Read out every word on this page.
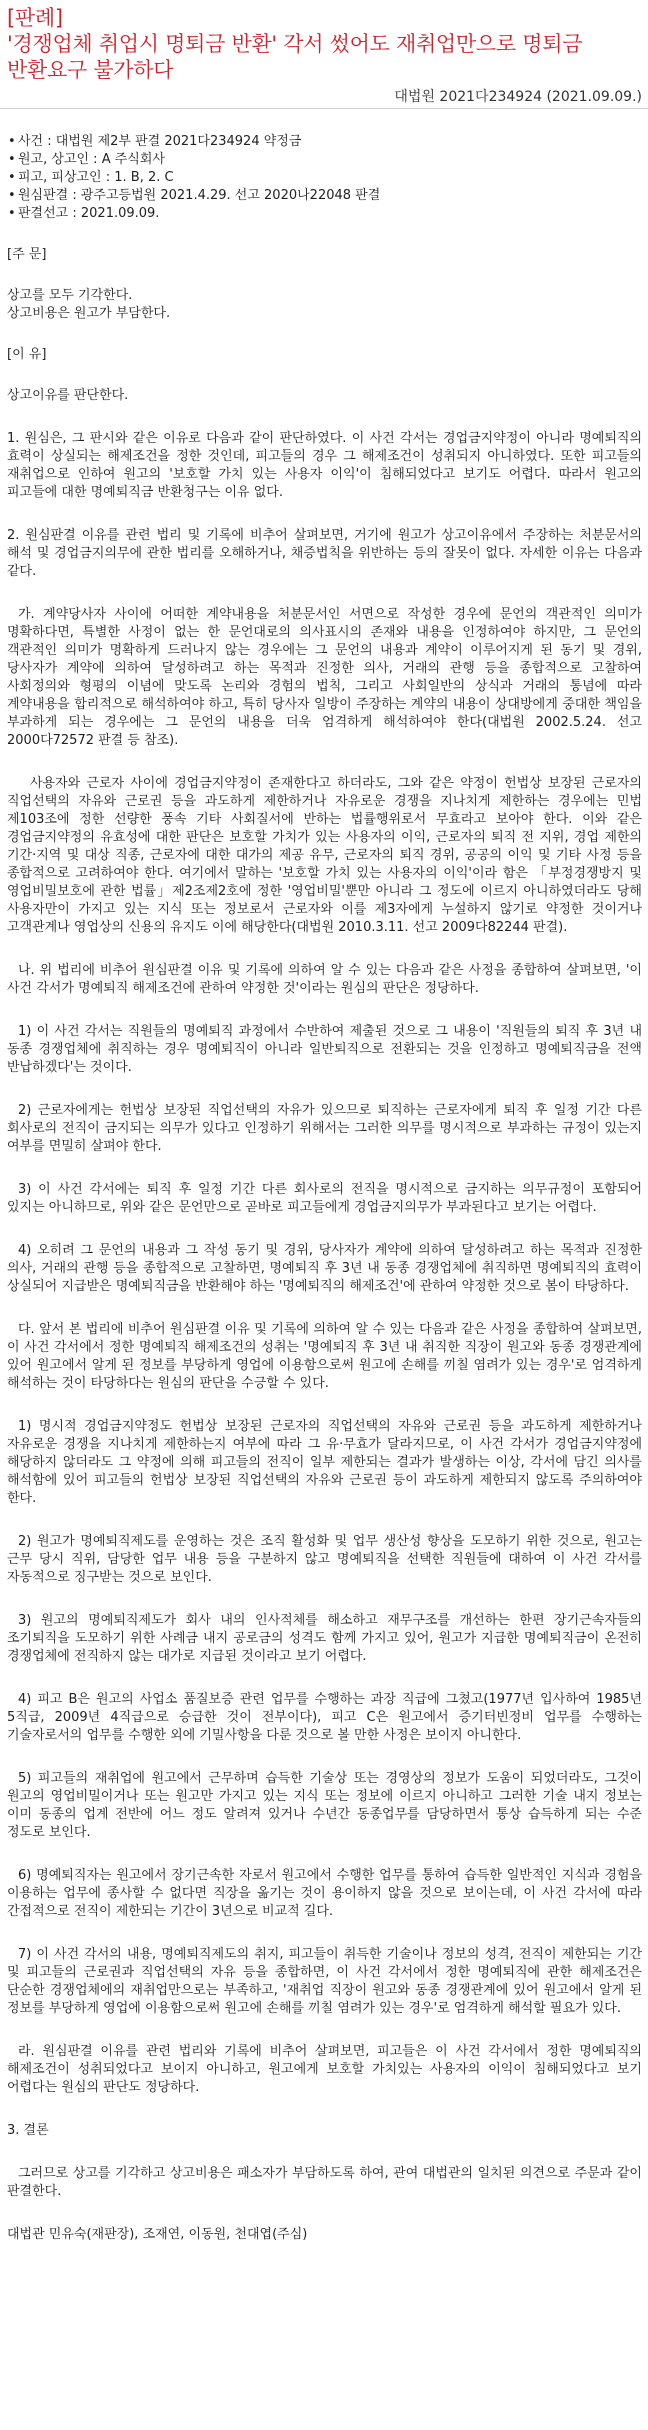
[판례]
'경쟁업체 취업시 명퇴금 반환' 각서 썼어도 재취업만으로 명퇴금 반환요구 불가하다
대법원 2021다234924 (2021.09.09.)
• 사건 : 대법원 제2부 판결 2021다234924 약정금
• 원고, 상고인 : A 주식회사
• 피고, 피상고인 : 1. B, 2. C
• 원심판결 : 광주고등법원 2021.4.29. 선고 2020나22048 판결
• 판결선고 : 2021.09.09.
[주 문]
상고를 모두 기각한다.
상고비용은 원고가 부담한다.
[이 유]
상고이유를 판단한다.

1. 원심은, 그 판시와 같은 이유로 다음과 같이 판단하였다. 이 사건 각서는 경업금지약정이 아니라 명예퇴직의 효력이 상실되는 해제조건을 정한 것인데, 피고들의 경우 그 해제조건이 성취되지 아니하였다. 또한 피고들의 재취업으로 인하여 원고의 '보호할 가치 있는 사용자 이익'이 침해되었다고 보기도 어렵다. 따라서 원고의 피고들에 대한 명예퇴직금 반환청구는 이유 없다.

2. 원심판결 이유를 관련 법리 및 기록에 비추어 살펴보면, 거기에 원고가 상고이유에서 주장하는 처분문서의 해석 및 경업금지의무에 관한 법리를 오해하거나, 채증법칙을 위반하는 등의 잘못이 없다. 자세한 이유는 다음과 같다.

가. 계약당사자 사이에 어떠한 계약내용을 처분문서인 서면으로 작성한 경우에 문언의 객관적인 의미가 명확하다면, 특별한 사정이 없는 한 문언대로의 의사표시의 존재와 내용을 인정하여야 하지만, 그 문언의 객관적인 의미가 명확하게 드러나지 않는 경우에는 그 문언의 내용과 계약이 이루어지게 된 동기 및 경위, 당사자가 계약에 의하여 달성하려고 하는 목적과 진정한 의사, 거래의 관행 등을 종합적으로 고찰하여 사회정의와 형평의 이념에 맞도록 논리와 경험의 법칙, 그리고 사회일반의 상식과 거래의 통념에 따라 계약내용을 합리적으로 해석하여야 하고, 특히 당사자 일방이 주장하는 계약의 내용이 상대방에게 중대한 책임을 부과하게 되는 경우에는 그 문언의 내용을 더욱 엄격하게 해석하여야 한다(대법원 2002.5.24. 선고 2000다72572 판결 등 참조).

사용자와 근로자 사이에 경업금지약정이 존재한다고 하더라도, 그와 같은 약정이 헌법상 보장된 근로자의 직업선택의 자유와 근로권 등을 과도하게 제한하거나 자유로운 경쟁을 지나치게 제한하는 경우에는 민법 제103조에 정한 선량한 풍속 기타 사회질서에 반하는 법률행위로서 무효라고 보아야 한다. 이와 같은 경업금지약정의 유효성에 대한 판단은 보호할 가치가 있는 사용자의 이익, 근로자의 퇴직 전 지위, 경업 제한의 기간·지역 및 대상 직종, 근로자에 대한 대가의 제공 유무, 근로자의 퇴직 경위, 공공의 이익 및 기타 사정 등을 종합적으로 고려하여야 한다. 여기에서 말하는 '보호할 가치 있는 사용자의 이익'이라 함은 「부정경쟁방지 및 영업비밀보호에 관한 법률」제2조제2호에 정한 '영업비밀'뿐만 아니라 그 정도에 이르지 아니하였더라도 당해 사용자만이 가지고 있는 지식 또는 정보로서 근로자와 이를 제3자에게 누설하지 않기로 약정한 것이거나 고객관계나 영업상의 신용의 유지도 이에 해당한다(대법원 2010.3.11. 선고 2009다82244 판결).

나. 위 법리에 비추어 원심판결 이유 및 기록에 의하여 알 수 있는 다음과 같은 사정을 종합하여 살펴보면, '이 사건 각서가 명예퇴직 해제조건에 관하여 약정한 것'이라는 원심의 판단은 정당하다.

1) 이 사건 각서는 직원들의 명예퇴직 과정에서 수반하여 제출된 것으로 그 내용이 '직원들의 퇴직 후 3년 내 동종 경쟁업체에 취직하는 경우 명예퇴직이 아니라 일반퇴직으로 전환되는 것을 인정하고 명예퇴직금을 전액 반납하겠다'는 것이다.

2) 근로자에게는 헌법상 보장된 직업선택의 자유가 있으므로 퇴직하는 근로자에게 퇴직 후 일정 기간 다른 회사로의 전직이 금지되는 의무가 있다고 인정하기 위해서는 그러한 의무를 명시적으로 부과하는 규정이 있는지 여부를 면밀히 살펴야 한다.

3) 이 사건 각서에는 퇴직 후 일정 기간 다른 회사로의 전직을 명시적으로 금지하는 의무규정이 포함되어 있지는 아니하므로, 위와 같은 문언만으로 곧바로 피고들에게 경업금지의무가 부과된다고 보기는 어렵다.

4) 오히려 그 문언의 내용과 그 작성 동기 및 경위, 당사자가 계약에 의하여 달성하려고 하는 목적과 진정한 의사, 거래의 관행 등을 종합적으로 고찰하면, 명예퇴직 후 3년 내 동종 경쟁업체에 취직하면 명예퇴직의 효력이 상실되어 지급받은 명예퇴직금을 반환해야 하는 '명예퇴직의 해제조건'에 관하여 약정한 것으로 봄이 타당하다.

다. 앞서 본 법리에 비추어 원심판결 이유 및 기록에 의하여 알 수 있는 다음과 같은 사정을 종합하여 살펴보면, 이 사건 각서에서 정한 명예퇴직 해제조건의 성취는 '명예퇴직 후 3년 내 취직한 직장이 원고와 동종 경쟁관계에 있어 원고에서 알게 된 정보를 부당하게 영업에 이용함으로써 원고에 손해를 끼칠 염려가 있는 경우'로 엄격하게 해석하는 것이 타당하다는 원심의 판단을 수긍할 수 있다.

1) 명시적 경업금지약정도 헌법상 보장된 근로자의 직업선택의 자유와 근로권 등을 과도하게 제한하거나 자유로운 경쟁을 지나치게 제한하는지 여부에 따라 그 유·무효가 달라지므로, 이 사건 각서가 경업금지약정에 해당하지 않더라도 그 약정에 의해 피고들의 전직이 일부 제한되는 결과가 발생하는 이상, 각서에 담긴 의사를 해석함에 있어 피고들의 헌법상 보장된 직업선택의 자유와 근로권 등이 과도하게 제한되지 않도록 주의하여야 한다.

2) 원고가 명예퇴직제도를 운영하는 것은 조직 활성화 및 업무 생산성 향상을 도모하기 위한 것으로, 원고는 근무 당시 직위, 담당한 업무 내용 등을 구분하지 않고 명예퇴직을 선택한 직원들에 대하여 이 사건 각서를 자동적으로 징구받는 것으로 보인다.

3) 원고의 명예퇴직제도가 회사 내의 인사적체를 해소하고 재무구조를 개선하는 한편 장기근속자들의 조기퇴직을 도모하기 위한 사례금 내지 공로금의 성격도 함께 가지고 있어, 원고가 지급한 명예퇴직금이 온전히 경쟁업체에 전직하지 않는 대가로 지급된 것이라고 보기 어렵다.

4) 피고 B은 원고의 사업소 품질보증 관련 업무를 수행하는 과장 직급에 그쳤고(1977년 입사하여 1985년 5직급, 2009년 4직급으로 승급한 것이 전부이다), 피고 C은 원고에서 증기터빈정비 업무를 수행하는 기술자로서의 업무를 수행한 외에 기밀사항을 다룬 것으로 볼 만한 사정은 보이지 아니한다.

5) 피고들의 재취업에 원고에서 근무하며 습득한 기술상 또는 경영상의 정보가 도움이 되었더라도, 그것이 원고의 영업비밀이거나 또는 원고만 가지고 있는 지식 또는 정보에 이르지 아니하고 그러한 기술 내지 정보는 이미 동종의 업계 전반에 어느 정도 알려져 있거나 수년간 동종업무를 담당하면서 통상 습득하게 되는 수준 정도로 보인다.

6) 명예퇴직자는 원고에서 장기근속한 자로서 원고에서 수행한 업무를 통하여 습득한 일반적인 지식과 경험을 이용하는 업무에 종사할 수 없다면 직장을 옮기는 것이 용이하지 않을 것으로 보이는데, 이 사건 각서에 따라 간접적으로 전직이 제한되는 기간이 3년으로 비교적 길다.

7) 이 사건 각서의 내용, 명예퇴직제도의 취지, 피고들이 취득한 기술이나 정보의 성격, 전직이 제한되는 기간 및 피고들의 근로권과 직업선택의 자유 등을 종합하면, 이 사건 각서에서 정한 명예퇴직에 관한 해제조건은 단순한 경쟁업체에의 재취업만으로는 부족하고, '재취업 직장이 원고와 동종 경쟁관계에 있어 원고에서 알게 된 정보를 부당하게 영업에 이용함으로써 원고에 손해를 끼칠 염려가 있는 경우'로 엄격하게 해석할 필요가 있다.

라. 원심판결 이유를 관련 법리와 기록에 비추어 살펴보면, 피고들은 이 사건 각서에서 정한 명예퇴직의 해제조건이 성취되었다고 보이지 아니하고, 원고에게 보호할 가치있는 사용자의 이익이 침해되었다고 보기 어렵다는 원심의 판단도 정당하다.

3. 결론

그러므로 상고를 기각하고 상고비용은 패소자가 부담하도록 하여, 관여 대법관의 일치된 의견으로 주문과 같이 판결한다.

대법관 민유숙(재판장), 조재연, 이동원, 천대엽(주심)
